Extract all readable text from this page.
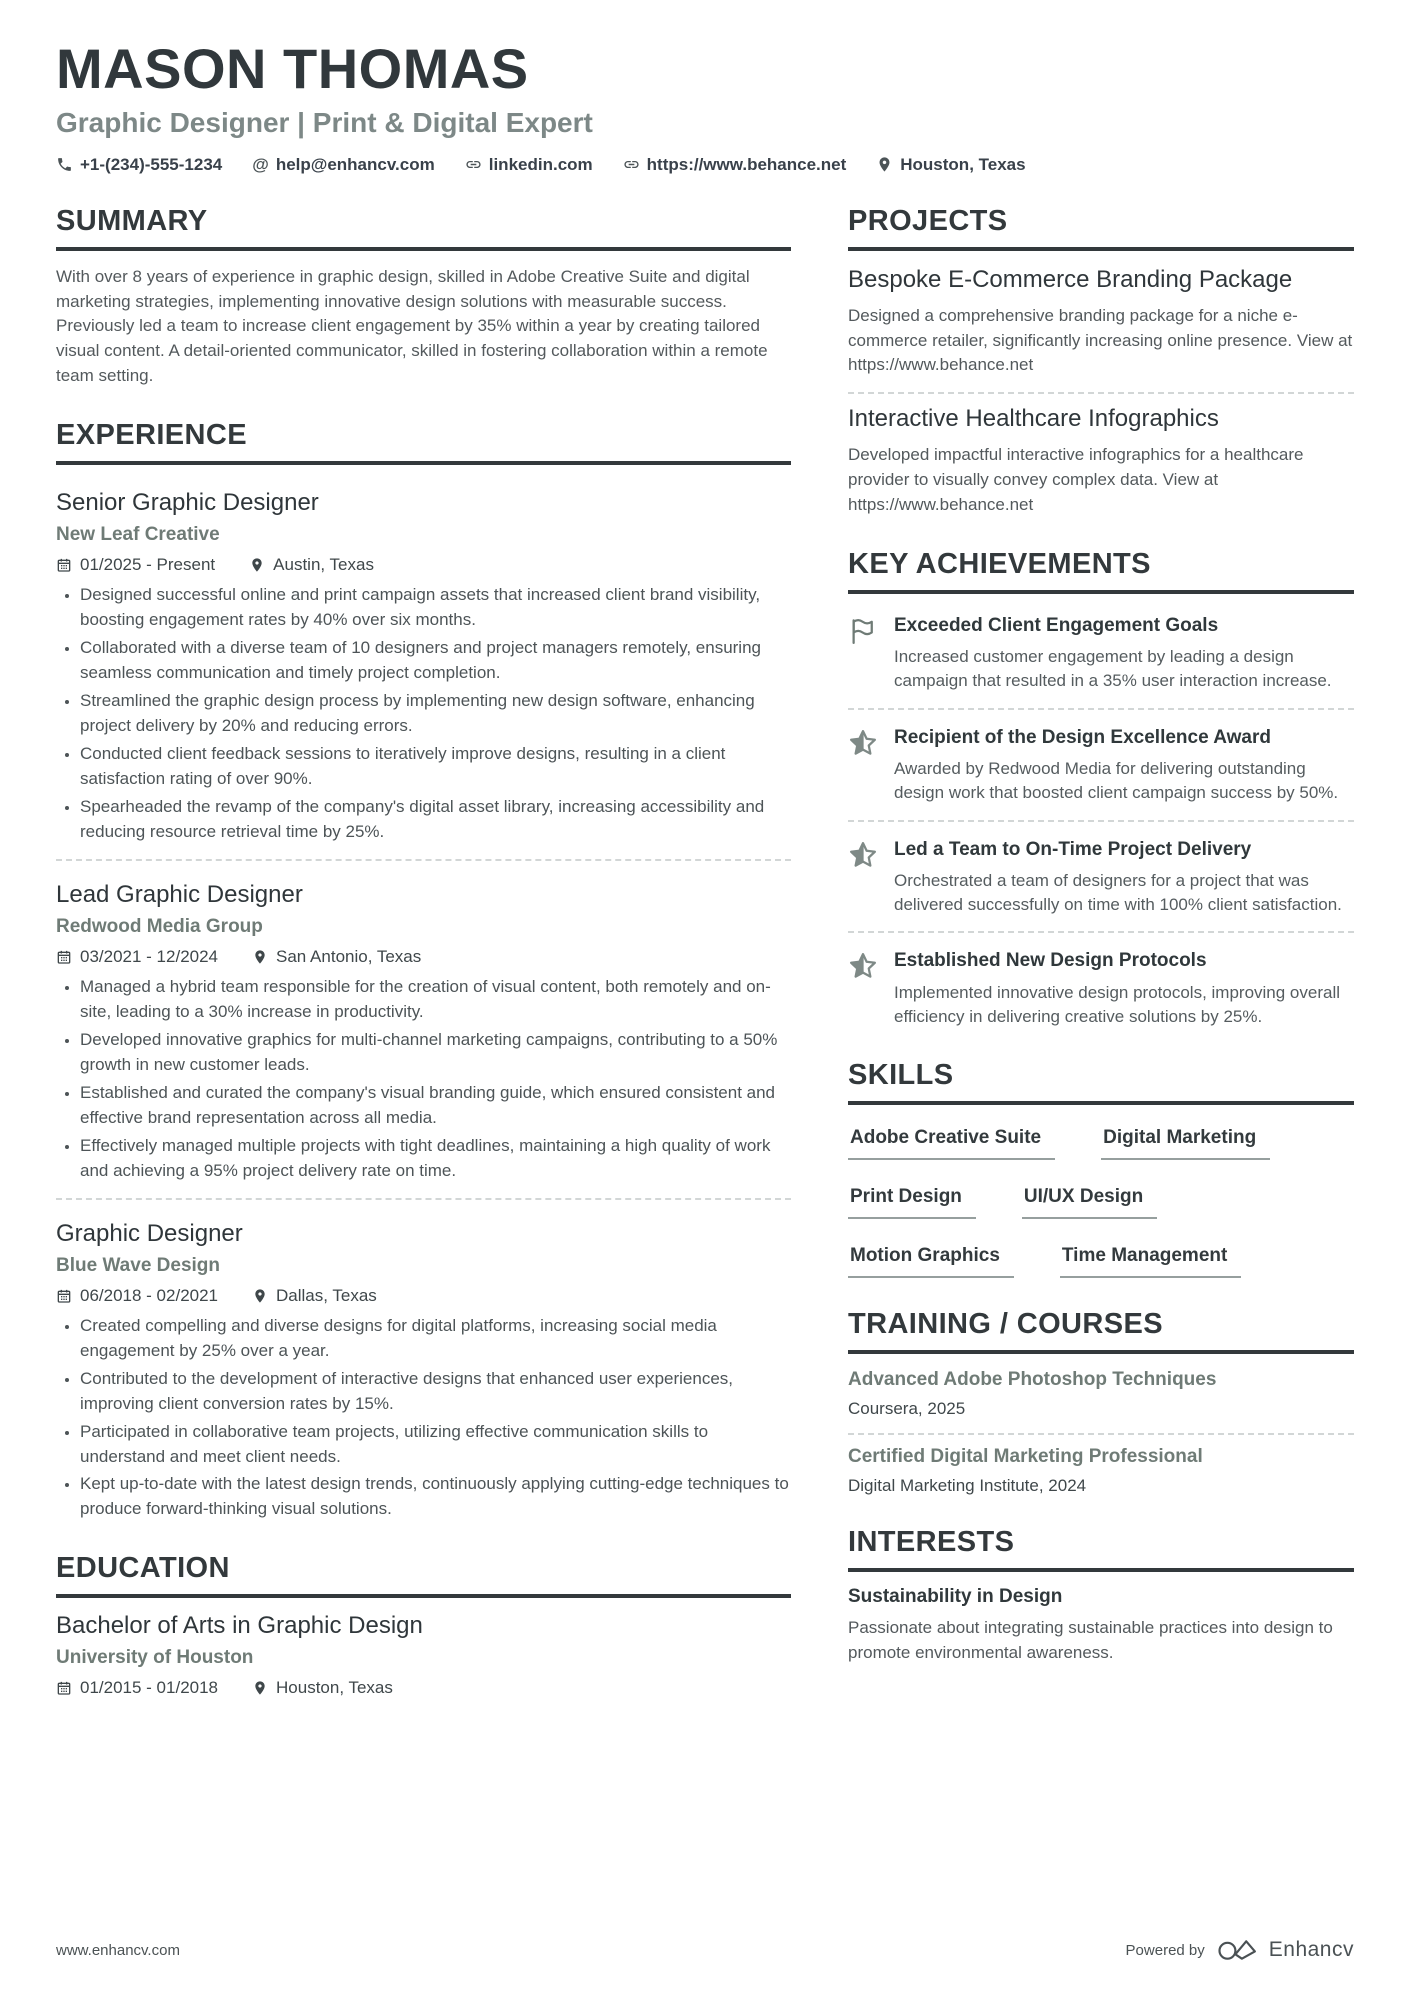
MASON THOMAS
Graphic Designer | Print & Digital Expert
+1-(234)-555-1234 @ help@enhancv.com	linkedin.com	https://www.behance.net	Houston, Texas
SUMMARY

With over 8 years of experience in graphic design, skilled in Adobe Creative Suite and digital marketing strategies, implementing innovative design solutions with measurable success. Previously led a team to increase client engagement by 35% within a year by creating tailored visual content. A detail-oriented communicator, skilled in fostering collaboration within a remote team setting.

EXPERIENCE
Senior Graphic Designer
New Leaf Creative
01/2025 - Present	Austin, Texas
• Designed successful online and print campaign assets that increased client brand visibility, boosting engagement rates by 40% over six months.
• Collaborated with a diverse team of 10 designers and project managers remotely, ensuring seamless communication and timely project completion.
• Streamlined the graphic design process by implementing new design software, enhancing project delivery by 20% and reducing errors.
• Conducted client feedback sessions to iteratively improve designs, resulting in a client satisfaction rating of over 90%.
• Spearheaded the revamp of the company's digital asset library, increasing accessibility and reducing resource retrieval time by 25%.
Lead Graphic Designer
Redwood Media Group
03/2021 - 12/2024	San Antonio, Texas
• Managed a hybrid team responsible for the creation of visual content, both remotely and on-site, leading to a 30% increase in productivity.
• Developed innovative graphics for multi-channel marketing campaigns, contributing to a 50% growth in new customer leads.
• Established and curated the company's visual branding guide, which ensured consistent and effective brand representation across all media.
• Effectively managed multiple projects with tight deadlines, maintaining a high quality of work and achieving a 95% project delivery rate on time.
Graphic Designer
Blue Wave Design
06/2018 - 02/2021	Dallas, Texas
• Created compelling and diverse designs for digital platforms, increasing social media engagement by 25% over a year.
• Contributed to the development of interactive designs that enhanced user experiences, improving client conversion rates by 15%.
• Participated in collaborative team projects, utilizing effective communication skills to understand and meet client needs.
• Kept up-to-date with the latest design trends, continuously applying cutting-edge techniques to produce forward-thinking visual solutions.
EDUCATION
Bachelor of Arts in Graphic Design
University of Houston
01/2015 - 01/2018	Houston, Texas
PROJECTS
Bespoke E-Commerce Branding Package

Designed a comprehensive branding package for a niche e-commerce retailer, significantly increasing online presence. View at https://www.behance.net

Interactive Healthcare Infographics

Developed impactful interactive infographics for a healthcare provider to visually convey complex data. View at https://www.behance.net

KEY ACHIEVEMENTS
Exceeded Client Engagement Goals

Increased customer engagement by leading a design campaign that resulted in a 35% user interaction increase.

Recipient of the Design Excellence Award

Awarded by Redwood Media for delivering outstanding design work that boosted client campaign success by 50%.

Led a Team to On-Time Project Delivery

Orchestrated a team of designers for a project that was delivered successfully on time with 100% client satisfaction.

Established New Design Protocols

Implemented innovative design protocols, improving overall efficiency in delivering creative solutions by 25%.

SKILLS
Adobe Creative Suite	Digital Marketing
Print Design	UI/UX Design
Motion Graphics	Time Management
TRAINING / COURSES
Advanced Adobe Photoshop Techniques
Coursera, 2025
Certified Digital Marketing Professional
Digital Marketing Institute, 2024
INTERESTS
Sustainability in Design

Passionate about integrating sustainable practices into design to promote environmental awareness.

www.enhancv.com	Powered by	Enhancv
